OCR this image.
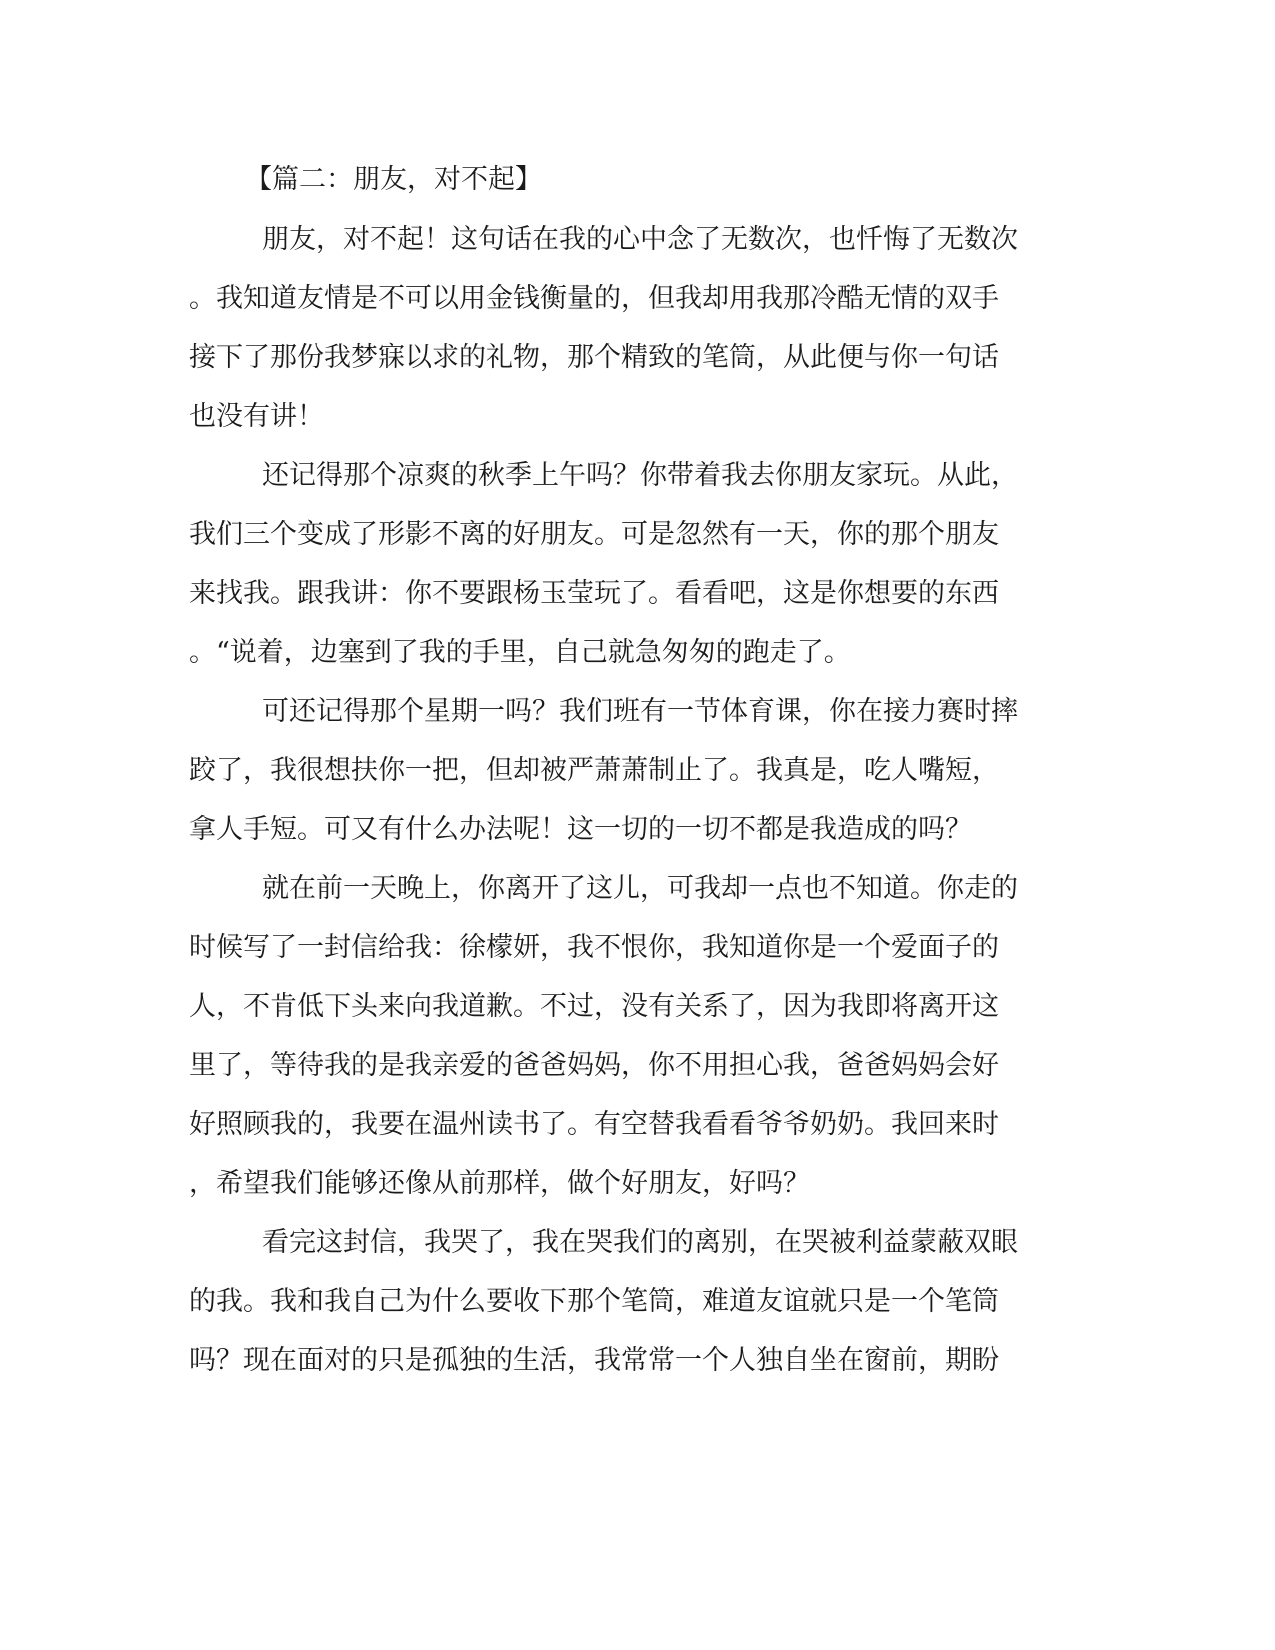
【篇二：朋友，对不起】
朋友，对不起！这句话在我的心中念了无数次，也忏悔了无数次
。我知道友情是不可以用金钱衡量的，但我却用我那冷酷无情的双手
接下了那份我梦寐以求的礼物，那个精致的笔筒，从此便与你一句话
也没有讲！
还记得那个凉爽的秋季上午吗？你带着我去你朋友家玩。从此，
我们三个变成了形影不离的好朋友。可是忽然有一天，你的那个朋友
来找我。跟我讲：你不要跟杨玉莹玩了。看看吧，这是你想要的东西
。“说着，边塞到了我的手里，自己就急匆匆的跑走了。
可还记得那个星期一吗？我们班有一节体育课，你在接力赛时摔
跤了，我很想扶你一把，但却被严萧萧制止了。我真是，吃人嘴短，
拿人手短。可又有什么办法呢！这一切的一切不都是我造成的吗？
就在前一天晚上，你离开了这儿，可我却一点也不知道。你走的
时候写了一封信给我：徐檬妍，我不恨你，我知道你是一个爱面子的
人，不肯低下头来向我道歉。不过，没有关系了，因为我即将离开这
里了，等待我的是我亲爱的爸爸妈妈，你不用担心我，爸爸妈妈会好
好照顾我的，我要在温州读书了。有空替我看看爷爷奶奶。我回来时
，希望我们能够还像从前那样，做个好朋友，好吗？
看完这封信，我哭了，我在哭我们的离别，在哭被利益蒙蔽双眼
的我。我和我自己为什么要收下那个笔筒，难道友谊就只是一个笔筒
吗？现在面对的只是孤独的生活，我常常一个人独自坐在窗前，期盼
